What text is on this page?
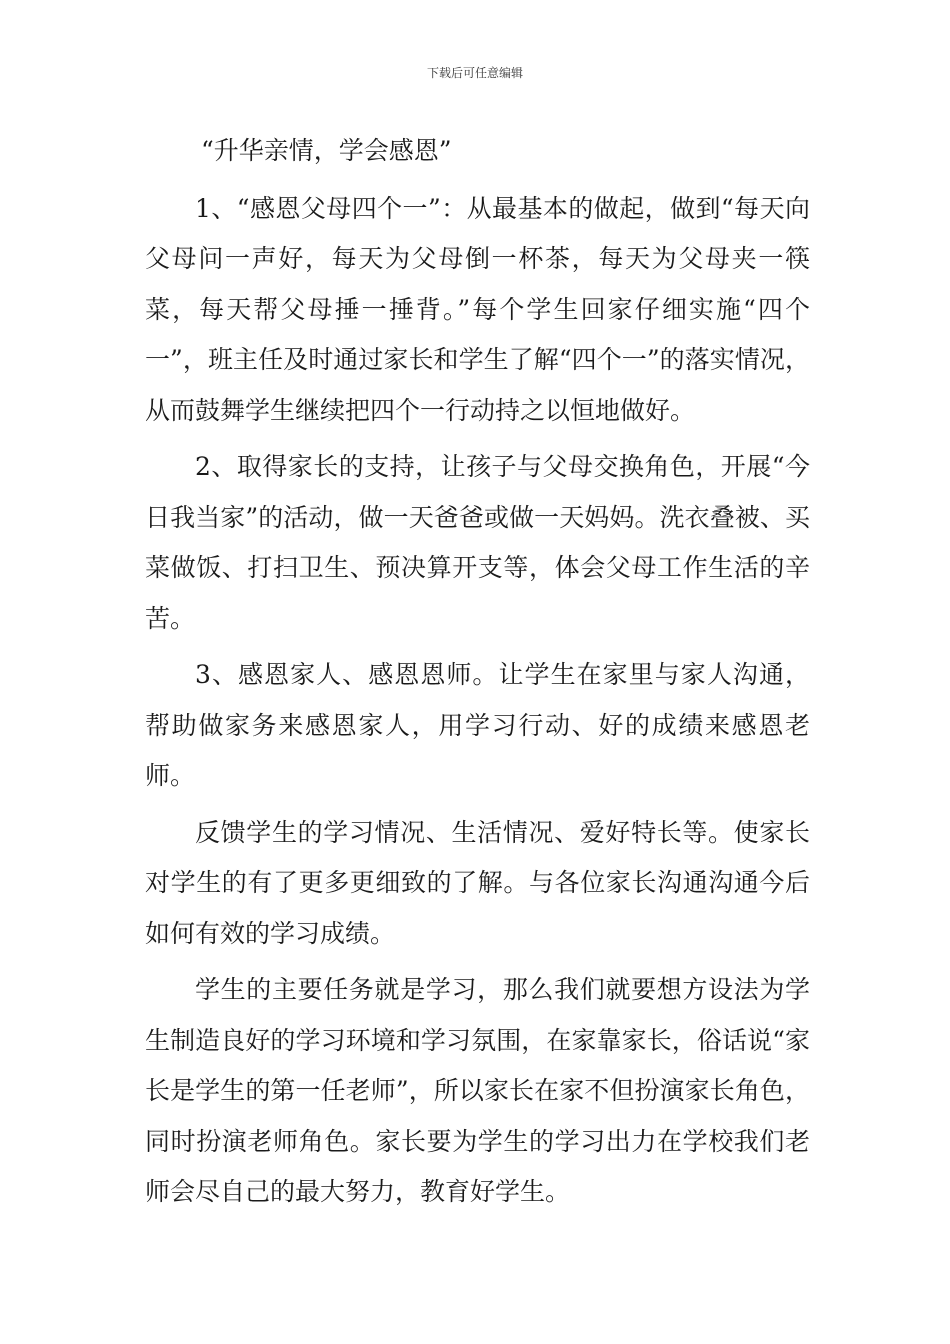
下载后可任意编辑

“升华亲情，学会感恩”

1、“感恩父母四个一”：从最基本的做起，做到“每天向父母问一声好，每天为父母倒一杯茶，每天为父母夹一筷菜，每天帮父母捶一捶背。”每个学生回家仔细实施“四个一”，班主任及时通过家长和学生了解“四个一”的落实情况，从而鼓舞学生继续把四个一行动持之以恒地做好。

2、取得家长的支持，让孩子与父母交换角色，开展“今日我当家”的活动，做一天爸爸或做一天妈妈。洗衣叠被、买菜做饭、打扫卫生、预决算开支等，体会父母工作生活的辛苦。

3、感恩家人、感恩恩师。让学生在家里与家人沟通，帮助做家务来感恩家人，用学习行动、好的成绩来感恩老师。

反馈学生的学习情况、生活情况、爱好特长等。使家长对学生的有了更多更细致的了解。与各位家长沟通沟通今后如何有效的学习成绩。

学生的主要任务就是学习，那么我们就要想方设法为学生制造良好的学习环境和学习氛围，在家靠家长，俗话说“家长是学生的第一任老师”，所以家长在家不但扮演家长角色，同时扮演老师角色。家长要为学生的学习出力在学校我们老师会尽自己的最大努力，教育好学生。
